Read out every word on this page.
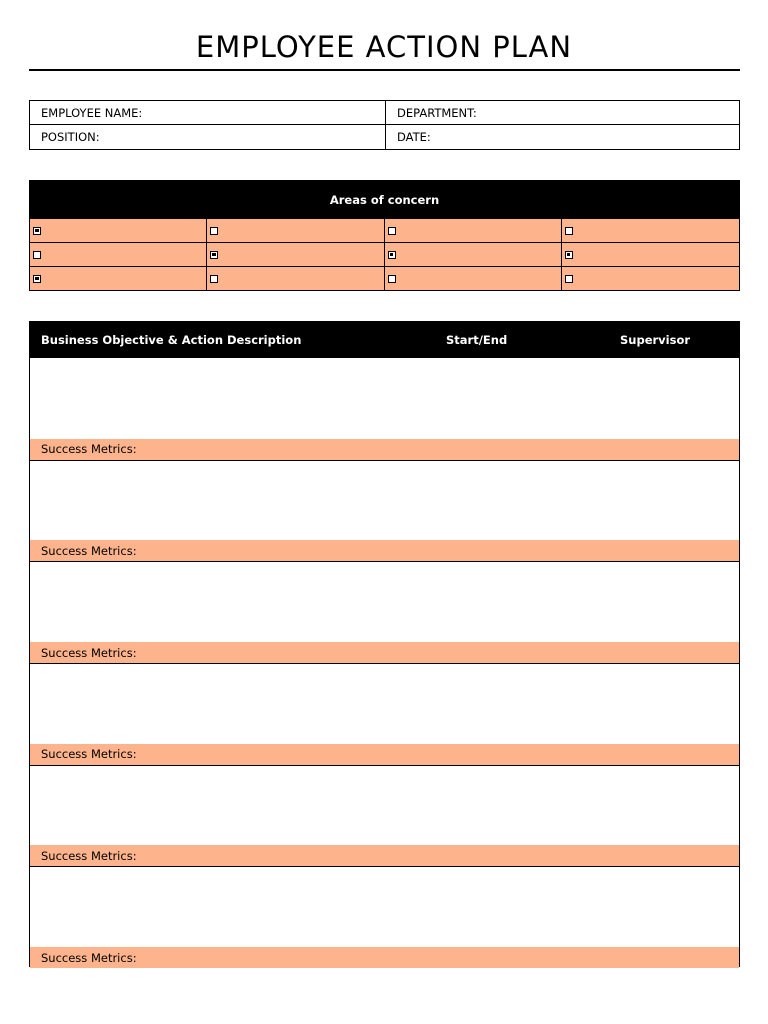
EMPLOYEE ACTION PLAN
EMPLOYEE NAME:	DEPARTMENT:
POSITION:	DATE:
Areas of concern
Business Objective & Action Description	Start/End	Supervisor
Success Metrics:
Success Metrics:
Success Metrics:
Success Metrics:
Success Metrics:
Success Metrics:
